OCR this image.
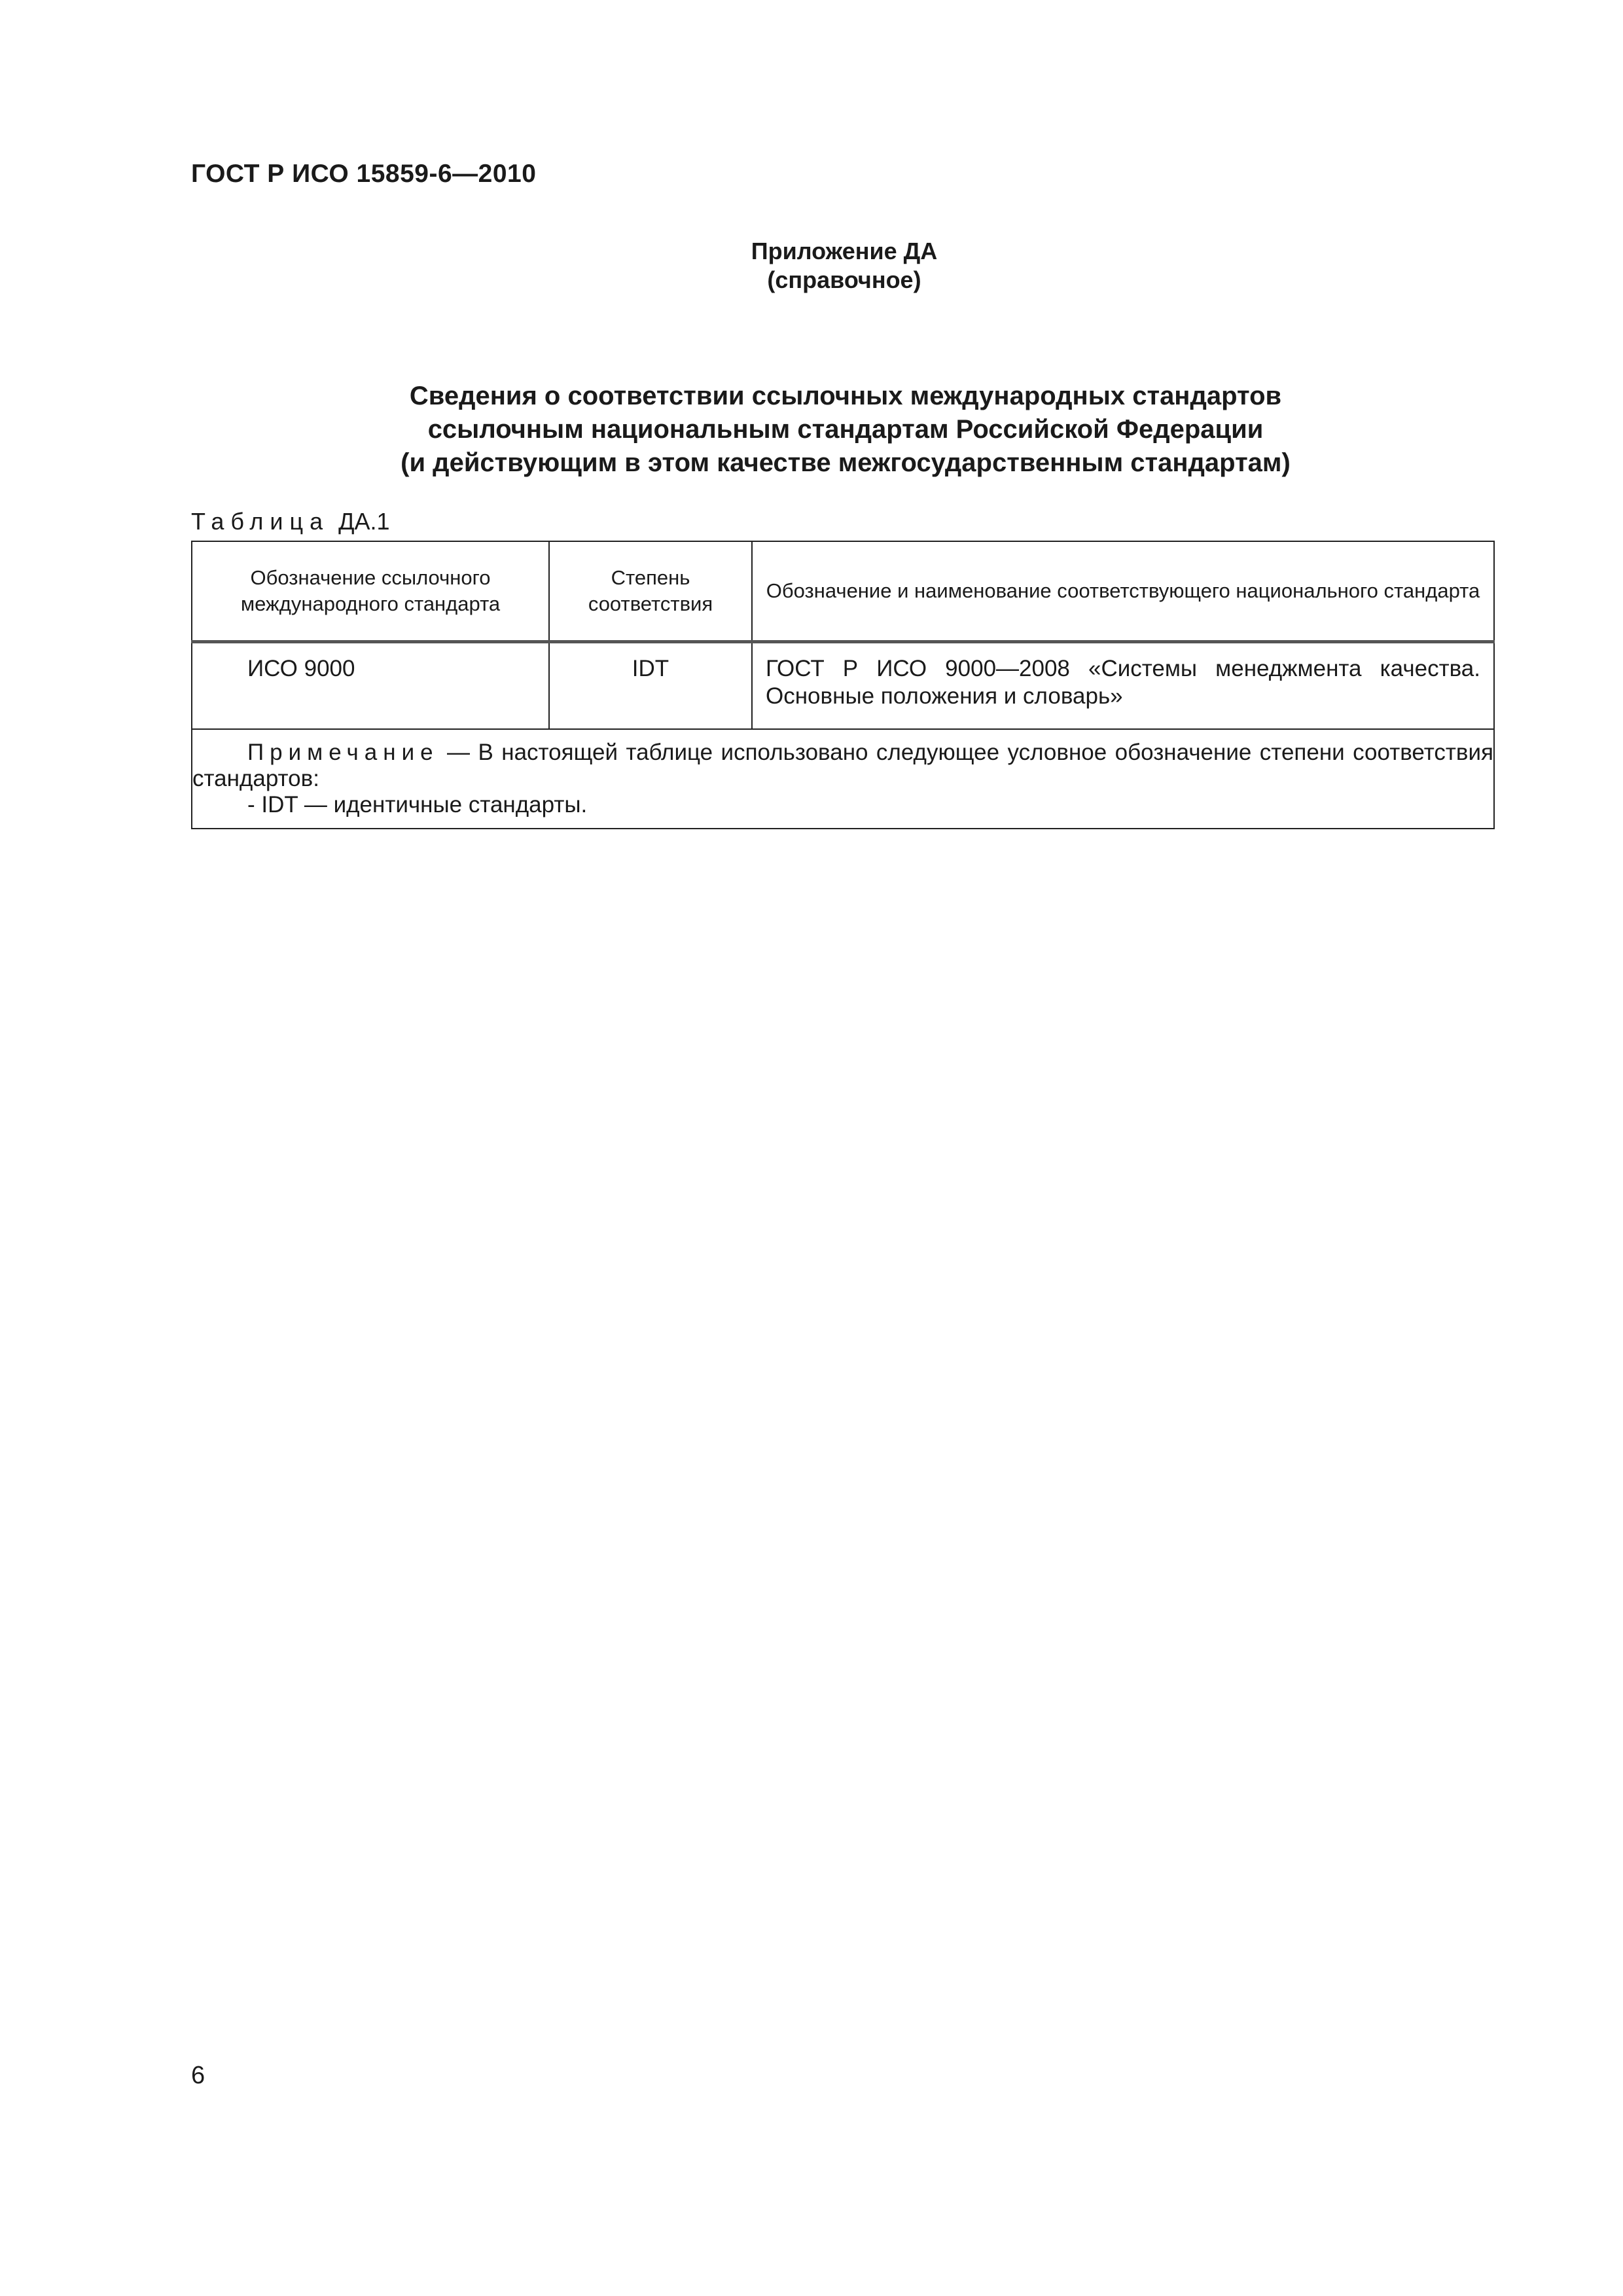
ГОСТ Р ИСО 15859-6—2010
Приложение ДА
(справочное)
Сведения о соответствии ссылочных международных стандартов
ссылочным национальным стандартам Российской Федерации
(и действующим в этом качестве межгосударственным стандартам)
Таблица ДА.1
Обозначение ссылочного международного стандарта	Степень соответствия	Обозначение и наименование соответствующего национального стандарта
ИСО 9000	IDT	ГОСТ Р ИСО 9000—2008 «Системы менеджмента качества. Основные положения и словарь»

Примечание — В настоящей таблице использовано следующее условное обозначение степени соответствия стандартов:

- IDT — идентичные стандарты.		

6
